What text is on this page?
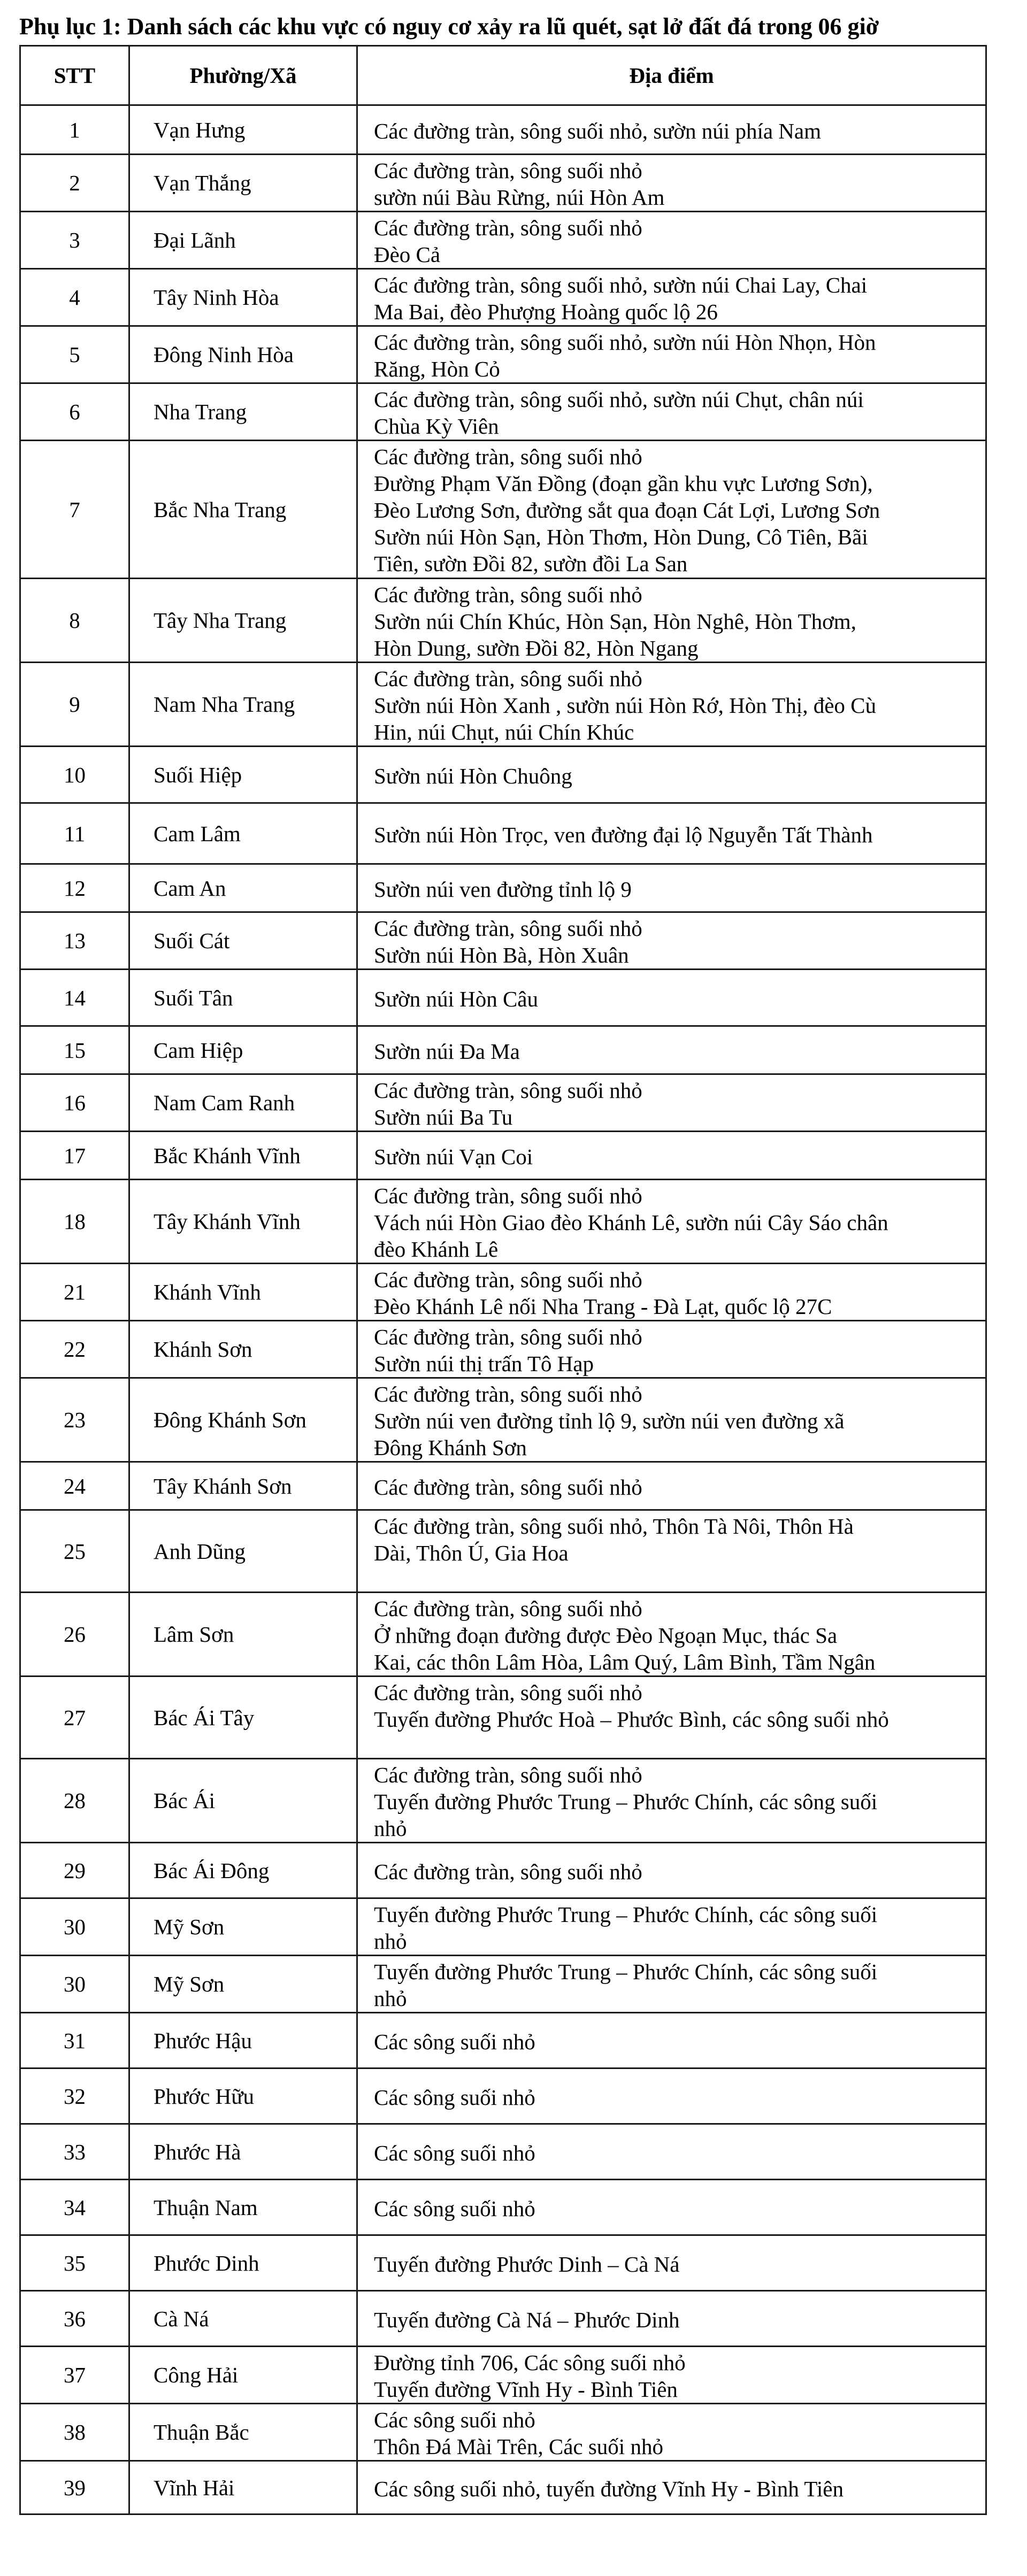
Phụ lục 1: Danh sách các khu vực có nguy cơ xảy ra lũ quét, sạt lở đất đá trong 06 giờ
STT	Phường/Xã	Địa điểm
1	Vạn Hưng	Các đường tràn, sông suối nhỏ, sườn núi phía Nam

2	Vạn Thắng	Các đường tràn, sông suối nhỏ
sườn núi Bàu Rừng, núi Hòn Am

3	Đại Lãnh	Các đường tràn, sông suối nhỏ
Đèo Cả

4	Tây Ninh Hòa	Các đường tràn, sông suối nhỏ, sườn núi Chai Lay, Chai
Ma Bai, đèo Phượng Hoàng quốc lộ 26

5	Đông Ninh Hòa	Các đường tràn, sông suối nhỏ, sườn núi Hòn Nhọn, Hòn
Răng, Hòn Cỏ

6	Nha Trang	Các đường tràn, sông suối nhỏ, sườn núi Chụt, chân núi
Chùa Kỳ Viên

7	Bắc Nha Trang	Các đường tràn, sông suối nhỏ
Đường Phạm Văn Đồng (đoạn gần khu vực Lương Sơn),
Đèo Lương Sơn, đường sắt qua đoạn Cát Lợi, Lương Sơn
Sườn núi Hòn Sạn, Hòn Thơm, Hòn Dung, Cô Tiên, Bãi
Tiên, sườn Đồi 82, sườn đồi La San

8	Tây Nha Trang	Các đường tràn, sông suối nhỏ
Sườn núi Chín Khúc, Hòn Sạn, Hòn Nghê, Hòn Thơm,
Hòn Dung, sườn Đồi 82, Hòn Ngang

9	Nam Nha Trang	Các đường tràn, sông suối nhỏ
Sườn núi Hòn Xanh , sườn núi Hòn Rớ, Hòn Thị, đèo Cù
Hin, núi Chụt, núi Chín Khúc

10	Suối Hiệp	Sườn núi Hòn Chuông

11	Cam Lâm	Sườn núi Hòn Trọc, ven đường đại lộ Nguyễn Tất Thành

12	Cam An	Sườn núi ven đường tỉnh lộ 9

13	Suối Cát	Các đường tràn, sông suối nhỏ
Sườn núi Hòn Bà, Hòn Xuân

14	Suối Tân	Sườn núi Hòn Câu

15	Cam Hiệp	Sườn núi Đa Ma

16	Nam Cam Ranh	Các đường tràn, sông suối nhỏ
Sườn núi Ba Tu

17	Bắc Khánh Vĩnh	Sườn núi Vạn Coi

18	Tây Khánh Vĩnh	Các đường tràn, sông suối nhỏ
Vách núi Hòn Giao đèo Khánh Lê, sườn núi Cây Sáo chân
đèo Khánh Lê

21	Khánh Vĩnh	Các đường tràn, sông suối nhỏ
Đèo Khánh Lê nối Nha Trang - Đà Lạt, quốc lộ 27C

22	Khánh Sơn	Các đường tràn, sông suối nhỏ
Sườn núi thị trấn Tô Hạp

23	Đông Khánh Sơn	Các đường tràn, sông suối nhỏ
Sườn núi ven đường tỉnh lộ 9, sườn núi ven đường xã
Đông Khánh Sơn

24	Tây Khánh Sơn	Các đường tràn, sông suối nhỏ

25	Anh Dũng	Các đường tràn, sông suối nhỏ, Thôn Tà Nôi, Thôn Hà
Dài, Thôn Ú, Gia Hoa

26	Lâm Sơn	Các đường tràn, sông suối nhỏ
Ở những đoạn đường được Đèo Ngoạn Mục, thác Sa
Kai, các thôn Lâm Hòa, Lâm Quý, Lâm Bình, Tầm Ngân

27	Bác Ái Tây	Các đường tràn, sông suối nhỏ
Tuyến đường Phước Hoà – Phước Bình, các sông suối nhỏ

28	Bác Ái	Các đường tràn, sông suối nhỏ
Tuyến đường Phước Trung – Phước Chính, các sông suối
nhỏ

29	Bác Ái Đông	Các đường tràn, sông suối nhỏ

30	Mỹ Sơn	Tuyến đường Phước Trung – Phước Chính, các sông suối
nhỏ

30	Mỹ Sơn	Tuyến đường Phước Trung – Phước Chính, các sông suối
nhỏ

31	Phước Hậu	Các sông suối nhỏ

32	Phước Hữu	Các sông suối nhỏ

33	Phước Hà	Các sông suối nhỏ

34	Thuận Nam	Các sông suối nhỏ

35	Phước Dinh	Tuyến đường Phước Dinh – Cà Ná

36	Cà Ná	Tuyến đường Cà Ná – Phước Dinh

37	Công Hải	Đường tỉnh 706, Các sông suối nhỏ
Tuyến đường Vĩnh Hy - Bình Tiên

38	Thuận Bắc	Các sông suối nhỏ
Thôn Đá Mài Trên, Các suối nhỏ

39	Vĩnh Hải	Các sông suối nhỏ, tuyến đường Vĩnh Hy - Bình Tiên
